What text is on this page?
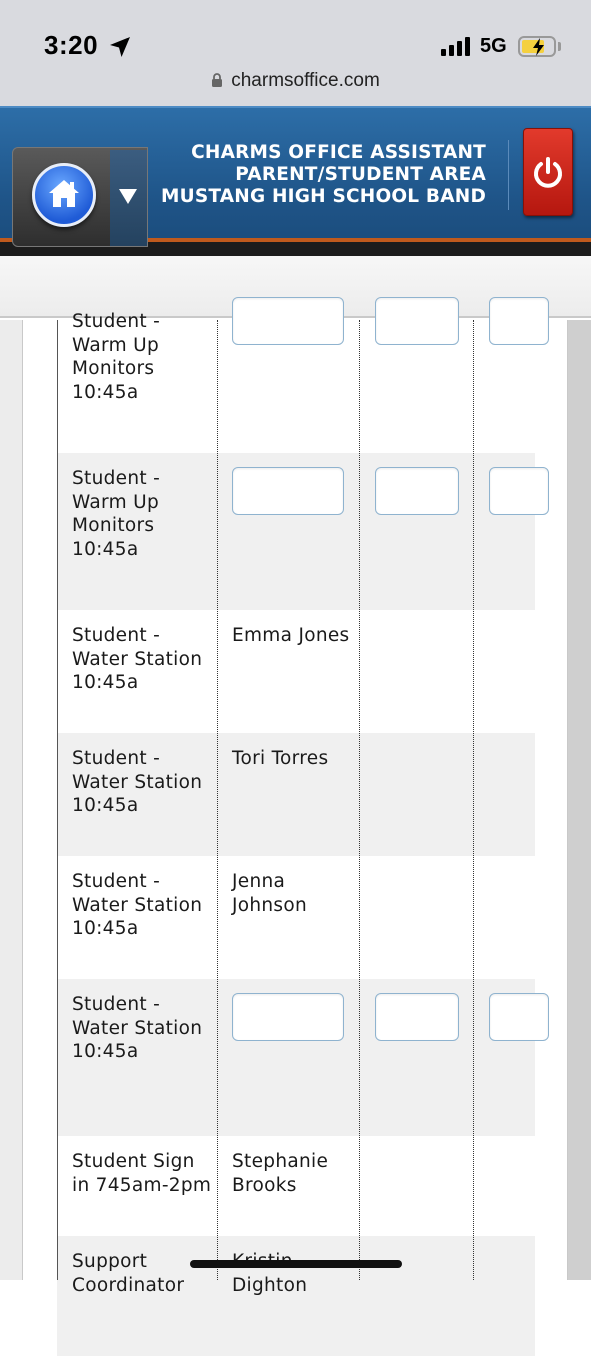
3:20	5G
charmsoffice.com
CHARMS OFFICE ASSISTANT
PARENT/STUDENT AREA
MUSTANG HIGH SCHOOL BAND
Student - Warm Up Monitors 10:45a
Student - Warm Up Monitors 10:45a
Student - Water Station 10:45a
Emma Jones
Student - Water Station 10:45a
Tori Torres
Student - Water Station 10:45a
Jenna Johnson
Student - Water Station 10:45a
Student Sign in 745am-2pm
Stephanie Brooks
Support Coordinator	Dighton
